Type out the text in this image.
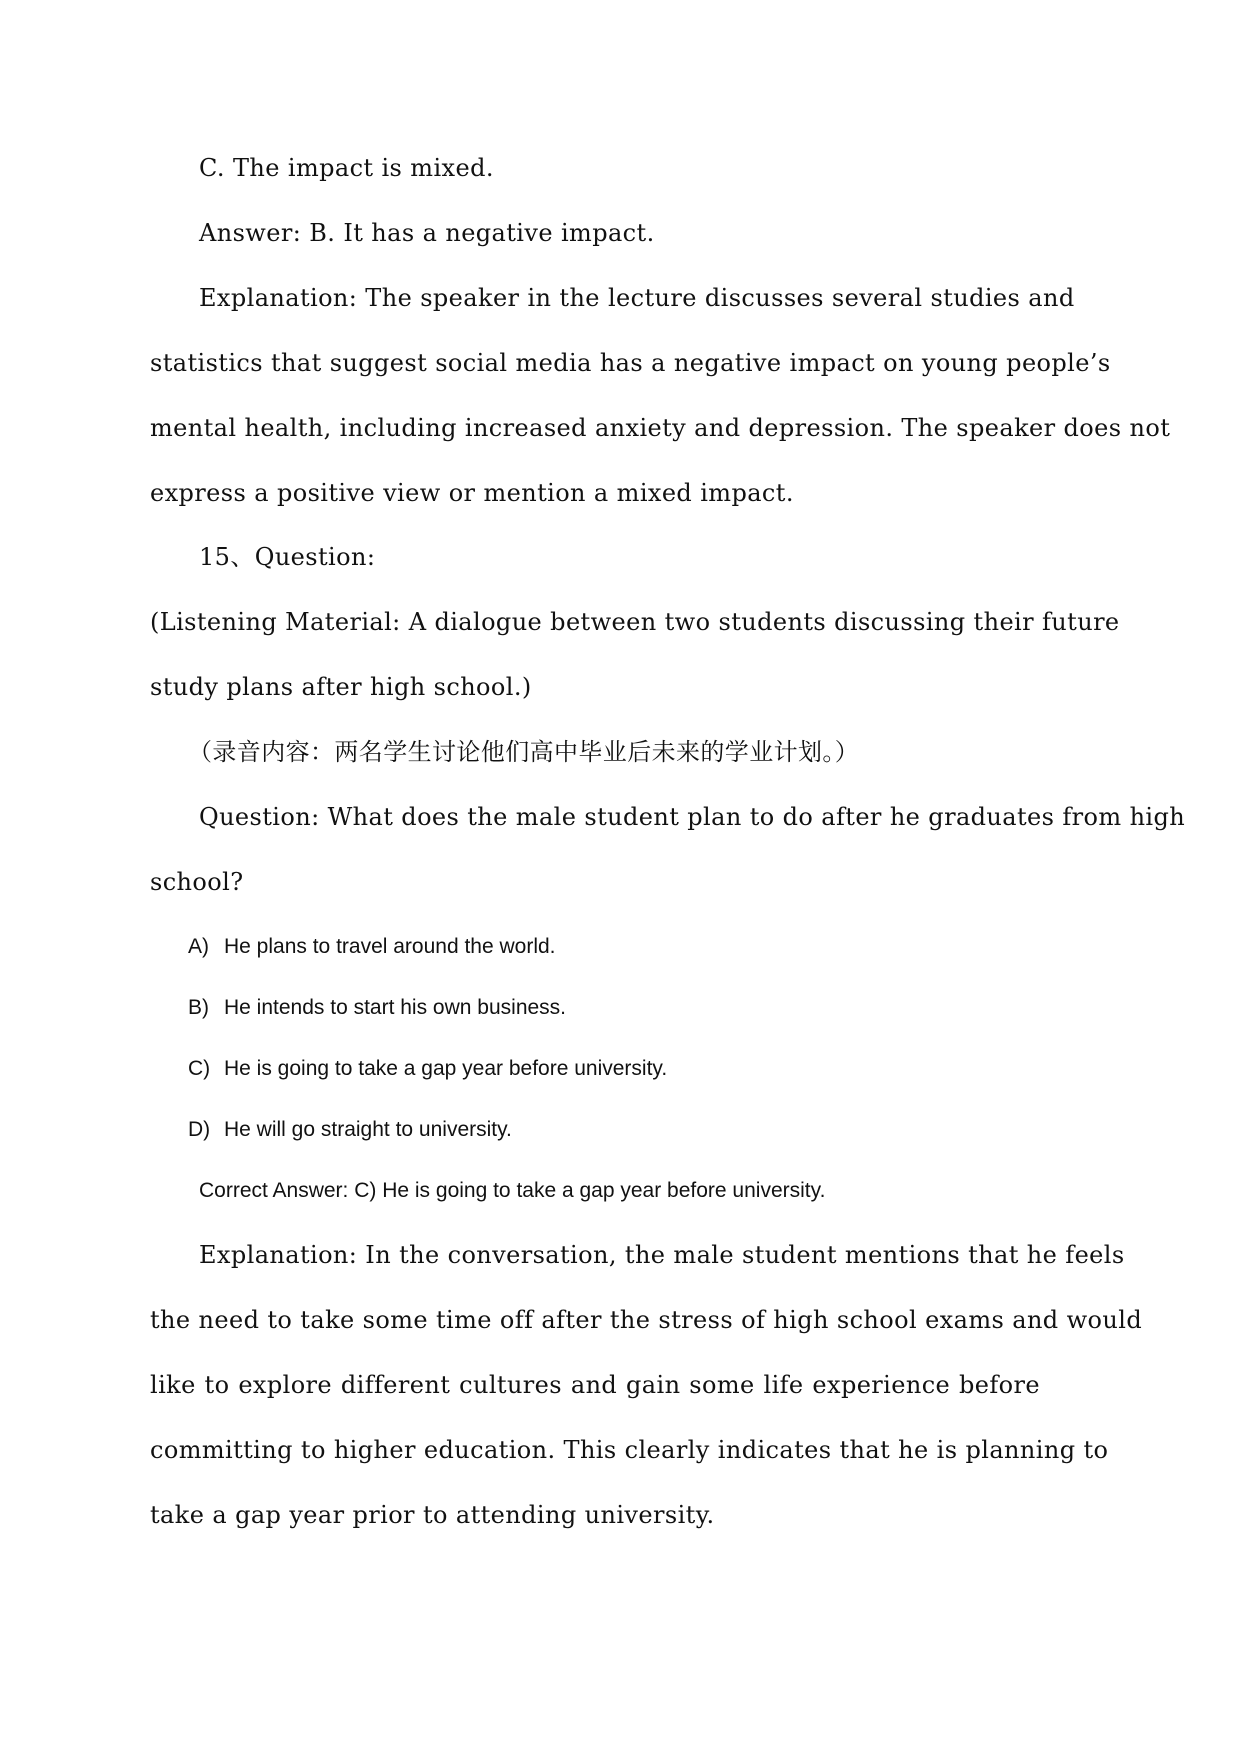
C. The impact is mixed.
Answer: B. It has a negative impact.
Explanation: The speaker in the lecture discusses several studies and
statistics that suggest social media has a negative impact on young people’s
mental health, including increased anxiety and depression. The speaker does not
express a positive view or mention a mixed impact.
15、Question:
(Listening Material: A dialogue between two students discussing their future
study plans after high school.)
（录音内容：两名学生讨论他们高中毕业后未来的学业计划。）
Question: What does the male student plan to do after he graduates from high
school?
A) He plans to travel around the world.
B) He intends to start his own business.
C) He is going to take a gap year before university.
D) He will go straight to university.
Correct Answer: C) He is going to take a gap year before university.
Explanation: In the conversation, the male student mentions that he feels
the need to take some time off after the stress of high school exams and would
like to explore different cultures and gain some life experience before
committing to higher education. This clearly indicates that he is planning to
take a gap year prior to attending university.
